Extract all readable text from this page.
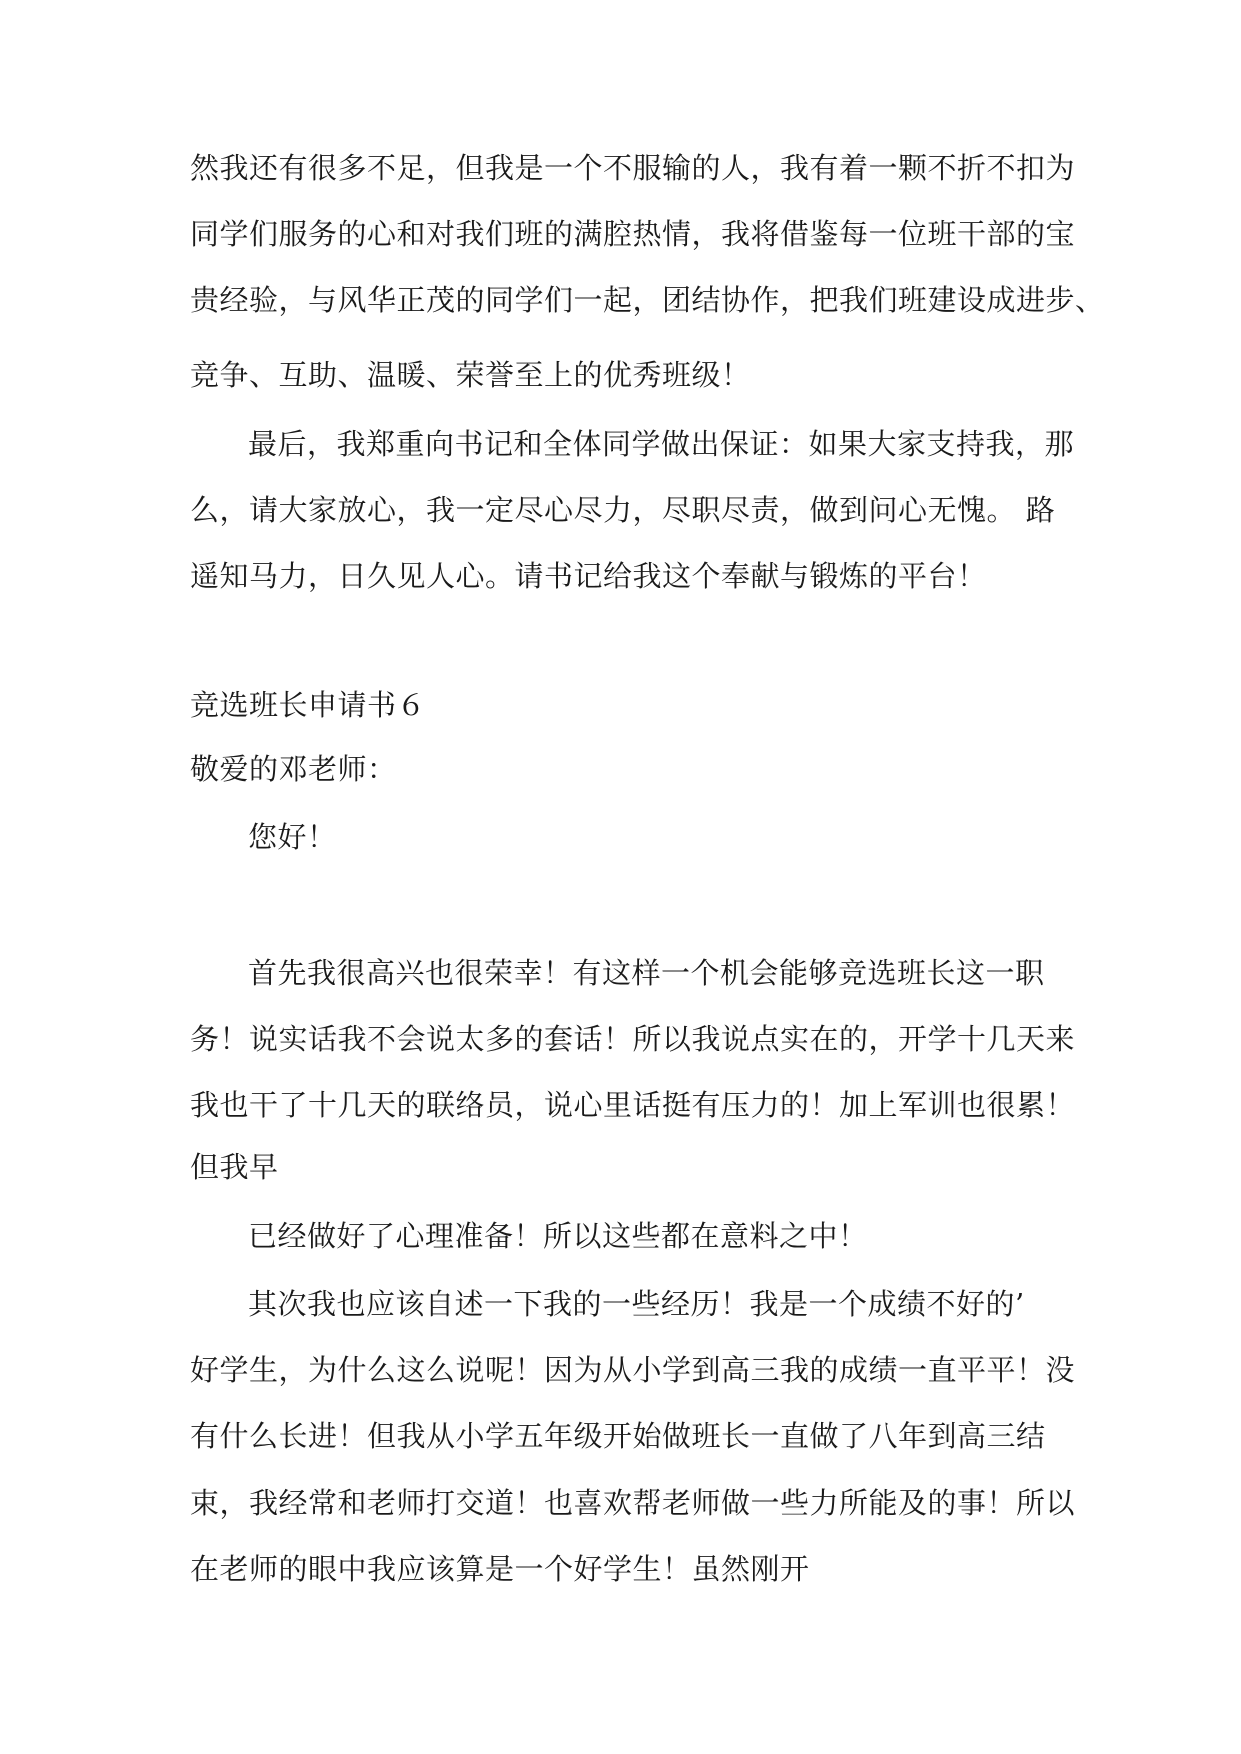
然我还有很多不足，但我是一个不服输的人，我有着一颗不折不扣为
同学们服务的心和对我们班的满腔热情，我将借鉴每一位班干部的宝
贵经验，与风华正茂的同学们一起，团结协作，把我们班建设成进步、
竞争、互助、温暖、荣誉至上的优秀班级！
最后，我郑重向书记和全体同学做出保证：如果大家支持我，那
么，请大家放心，我一定尽心尽力，尽职尽责，做到问心无愧。 路
遥知马力，日久见人心。请书记给我这个奉献与锻炼的平台！
竞选班长申请书６
敬爱的邓老师：
您好！
首先我很高兴也很荣幸！有这样一个机会能够竞选班长这一职
务！说实话我不会说太多的套话！所以我说点实在的，开学十几天来
我也干了十几天的联络员，说心里话挺有压力的！加上军训也很累！
但我早
已经做好了心理准备！所以这些都在意料之中！
其次我也应该自述一下我的一些经历！我是一个成绩不好的’
好学生，为什么这么说呢！因为从小学到高三我的成绩一直平平！没
有什么长进！但我从小学五年级开始做班长一直做了八年到高三结
束，我经常和老师打交道！也喜欢帮老师做一些力所能及的事！所以
在老师的眼中我应该算是一个好学生！虽然刚开
